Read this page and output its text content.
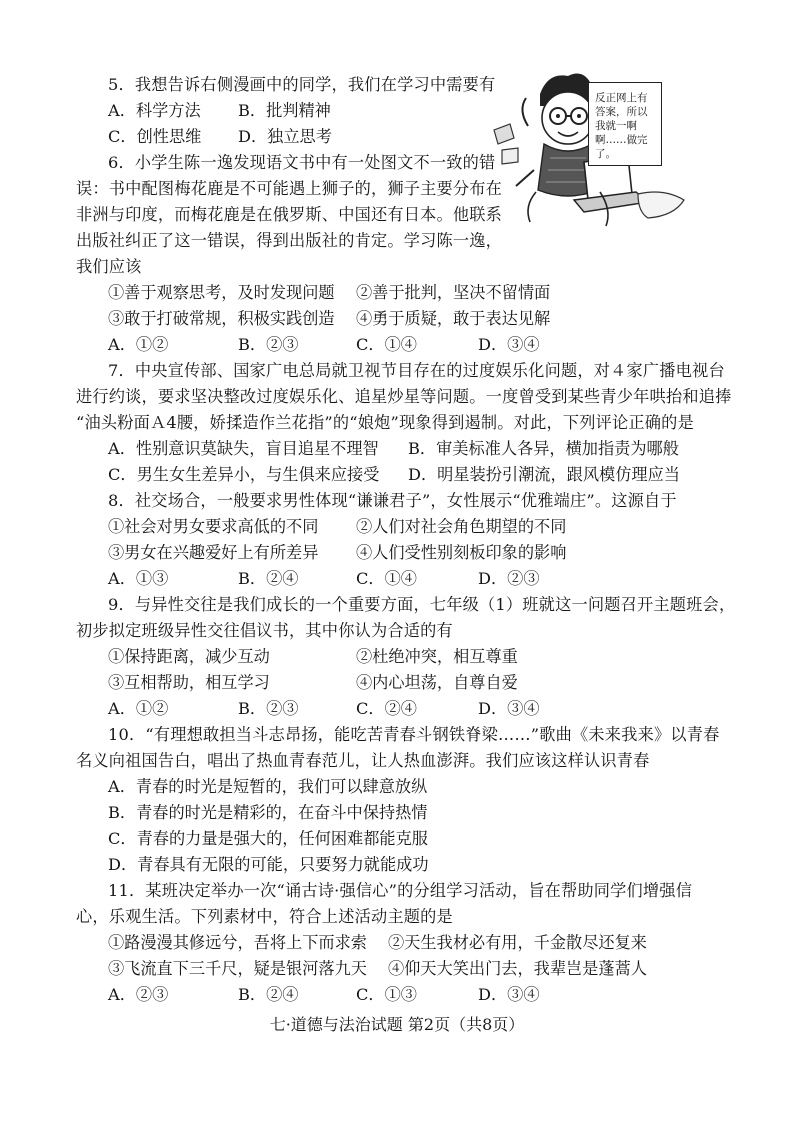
5．我想告诉右侧漫画中的同学，我们在学习中需要有
A．科学方法 B．批判精神
C．创性思维 D．独立思考
反正网上有答案，所以我就一啊啊……做完了。
6．小学生陈一逸发现语文书中有一处图文不一致的错
误：书中配图梅花鹿是不可能遇上狮子的，狮子主要分布在
非洲与印度，而梅花鹿是在俄罗斯、中国还有日本。他联系
出版社纠正了这一错误，得到出版社的肯定。学习陈一逸，
我们应该
①善于观察思考，及时发现问题 ②善于批判，坚决不留情面
③敢于打破常规，积极实践创造 ④勇于质疑，敢于表达见解
A．①②	B．②③	C．①④	D．③④
7．中央宣传部、国家广电总局就卫视节目存在的过度娱乐化问题，对４家广播电视台
进行约谈，要求坚决整改过度娱乐化、追星炒星等问题。一度曾受到某些青少年哄抬和追捧
“油头粉面Ａ4腰，娇揉造作兰花指”的“娘炮”现象得到遏制。对此，下列评论正确的是
A．性别意识莫缺失，盲目追星不理智 B．审美标准人各异，横加指责为哪般
C．男生女生差异小，与生俱来应接受 D．明星装扮引潮流，跟风模仿理应当
8．社交场合，一般要求男性体现“谦谦君子”，女性展示“优雅端庄”。这源自于
①社会对男女要求高低的不同 ②人们对社会角色期望的不同
③男女在兴趣爱好上有所差异 ④人们受性别刻板印象的影响
A．①③	B．②④	C．①④	D．②③
9．与异性交往是我们成长的一个重要方面，七年级（1）班就这一问题召开主题班会，
初步拟定班级异性交往倡议书，其中你认为合适的有
①保持距离，减少互动	②杜绝冲突，相互尊重
③互相帮助，相互学习	④内心坦荡，自尊自爱
A．①②	B．②③	C．②④	D．③④
10．“有理想敢担当斗志昂扬，能吃苦青春斗钢铁脊梁……”歌曲《未来我来》以青春
名义向祖国告白，唱出了热血青春范儿，让人热血澎湃。我们应该这样认识青春
A．青春的时光是短暂的，我们可以肆意放纵
B．青春的时光是精彩的，在奋斗中保持热情
C．青春的力量是强大的，任何困难都能克服
D．青春具有无限的可能，只要努力就能成功
11．某班决定举办一次“诵古诗·强信心”的分组学习活动，旨在帮助同学们增强信
心，乐观生活。下列素材中，符合上述活动主题的是
①路漫漫其修远兮，吾将上下而求索 ②天生我材必有用，千金散尽还复来
③飞流直下三千尺，疑是银河落九天 ④仰天大笑出门去，我辈岂是蓬蒿人
A．②③	B．②④	C．①③	D．③④
七·道德与法治试题 第2页（共8页）
